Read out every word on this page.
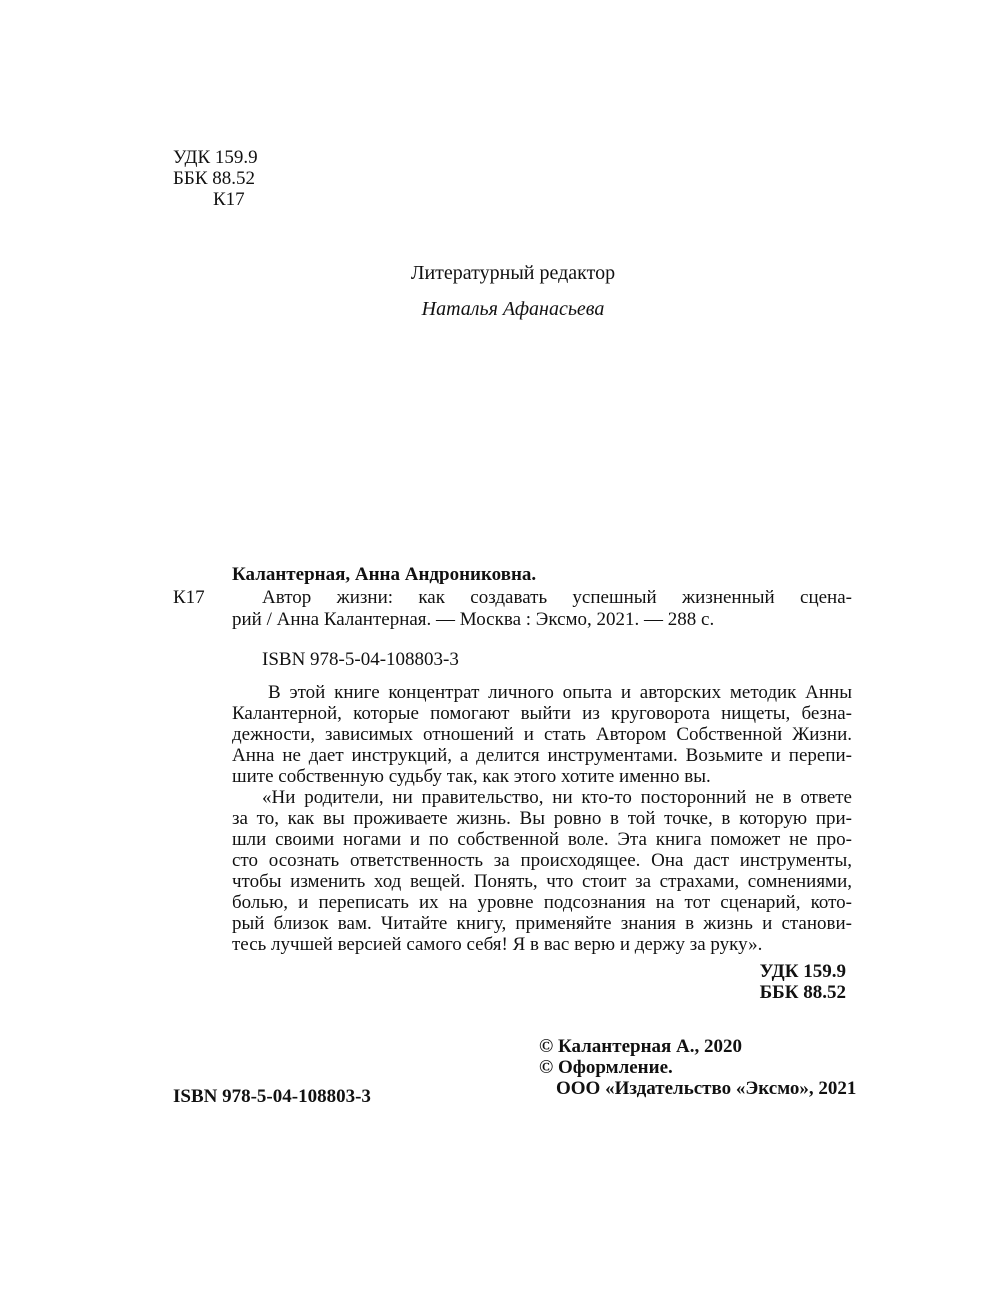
УДК 159.9
ББК 88.52
К17
Литературный редактор
Наталья Афанасьева
Калантерная, Анна Андрониковна.
К17	Автор жизни: как создавать успешный жизненный сцена-
рий / Анна Калантерная. — Москва : Эксмо, 2021. — 288 с.
ISBN 978-5-04-108803-3
В этой книге концентрат личного опыта и авторских методик Анны
Калантерной, которые помогают выйти из круговорота нищеты, безна-
дежности, зависимых отношений и стать Автором Собственной Жизни.
Анна не дает инструкций, а делится инструментами. Возьмите и перепи-
шите собственную судьбу так, как этого хотите именно вы.
«Ни родители, ни правительство, ни кто-то посторонний не в ответе
за то, как вы проживаете жизнь. Вы ровно в той точке, в которую при-
шли своими ногами и по собственной воле. Эта книга поможет не про-
сто осознать ответственность за происходящее. Она даст инструменты,
чтобы изменить ход вещей. Понять, что стоит за страхами, сомнениями,
болью, и переписать их на уровне подсознания на тот сценарий, кото-
рый близок вам. Читайте книгу, применяйте знания в жизнь и станови-
тесь лучшей версией самого себя! Я в вас верю и держу за руку».
УДК 159.9
ББК 88.52
© Калантерная А., 2020
© Оформление.
ООО «Издательство «Эксмо», 2021
ISBN 978-5-04-108803-3
